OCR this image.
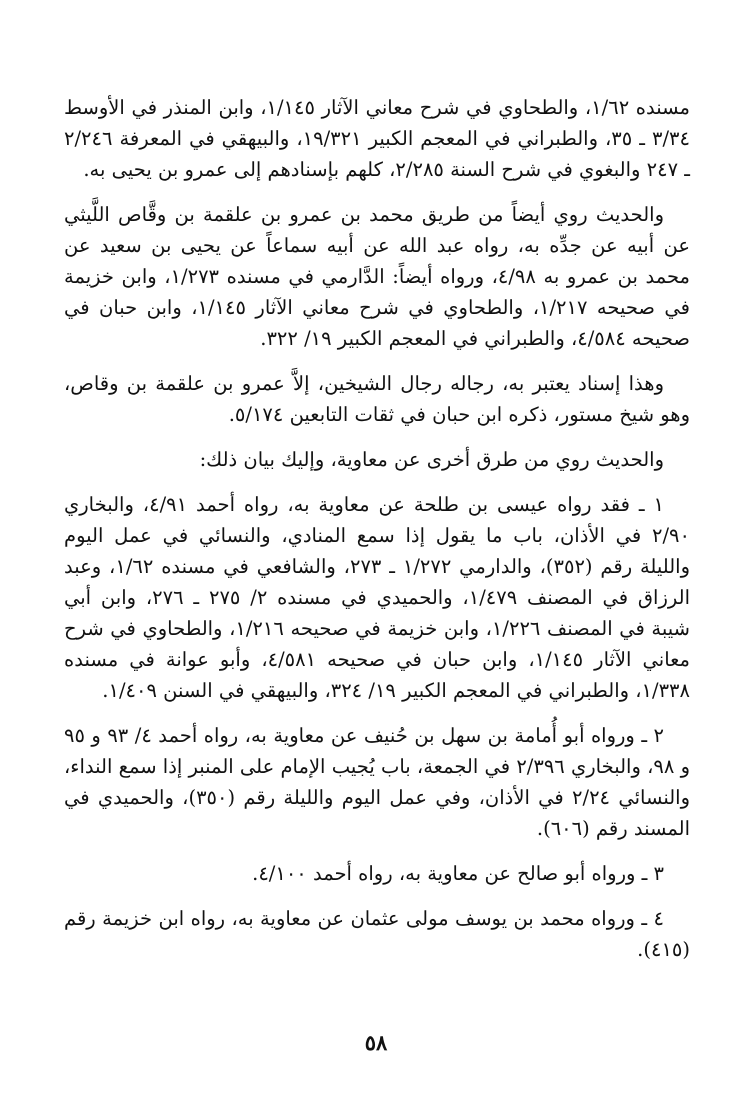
مسنده ١/٦٢، والطحاوي في شرح معاني الآثار ١/١٤٥، وابن المنذر في الأوسط ٣/٣٤ ـ ٣٥، والطبراني في المعجم الكبير ١٩/٣٢١، والبيهقي في المعرفة ٢/٢٤٦ ـ ٢٤٧ والبغوي في شرح السنة ٢/٢٨٥، كلهم بإسنادهم إلى عمرو بن يحيى به.

والحديث روي أيضاً من طريق محمد بن عمرو بن علقمة بن وقَّاص اللَّيثي عن أبيه عن جدِّه به، رواه عبد الله عن أبيه سماعاً عن يحيى بن سعيد عن محمد بن عمرو به ٤/٩٨، ورواه أيضاً: الدَّارمي في مسنده ١/٢٧٣، وابن خزيمة في صحيحه ١/٢١٧، والطحاوي في شرح معاني الآثار ١/١٤٥، وابن حبان في صحيحه ٤/٥٨٤، والطبراني في المعجم الكبير ١٩/ ٣٢٢.

وهذا إسناد يعتبر به، رجاله رجال الشيخين، إلاَّ عمرو بن علقمة بن وقاص، وهو شيخ مستور، ذكره ابن حبان في ثقات التابعين ٥/١٧٤.

والحديث روي من طرق أخرى عن معاوية، وإليك بيان ذلك:

١ ـ فقد رواه عيسى بن طلحة عن معاوية به، رواه أحمد ٤/٩١، والبخاري ٢/٩٠ في الأذان، باب ما يقول إذا سمع المنادي، والنسائي في عمل اليوم والليلة رقم (٣٥٢)، والدارمي ١/٢٧٢ ـ ٢٧٣، والشافعي في مسنده ١/٦٢، وعبد الرزاق في المصنف ١/٤٧٩، والحميدي في مسنده ٢/ ٢٧٥ ـ ٢٧٦، وابن أبي شيبة في المصنف ١/٢٢٦، وابن خزيمة في صحيحه ١/٢١٦، والطحاوي في شرح معاني الآثار ١/١٤٥، وابن حبان في صحيحه ٤/٥٨١، وأبو عوانة في مسنده ١/٣٣٨، والطبراني في المعجم الكبير ١٩/ ٣٢٤، والبيهقي في السنن ١/٤٠٩.

٢ ـ ورواه أبو أُمامة بن سهل بن حُنيف عن معاوية به، رواه أحمد ٤/ ٩٣ و ٩٥ و ٩٨، والبخاري ٢/٣٩٦ في الجمعة، باب يُجيب الإمام على المنبر إذا سمع النداء، والنسائي ٢/٢٤ في الأذان، وفي عمل اليوم والليلة رقم (٣٥٠)، والحميدي في المسند رقم (٦٠٦).

٣ ـ ورواه أبو صالح عن معاوية به، رواه أحمد ٤/١٠٠.

٤ ـ ورواه محمد بن يوسف مولى عثمان عن معاوية به، رواه ابن خزيمة رقم (٤١٥).

٥٨
